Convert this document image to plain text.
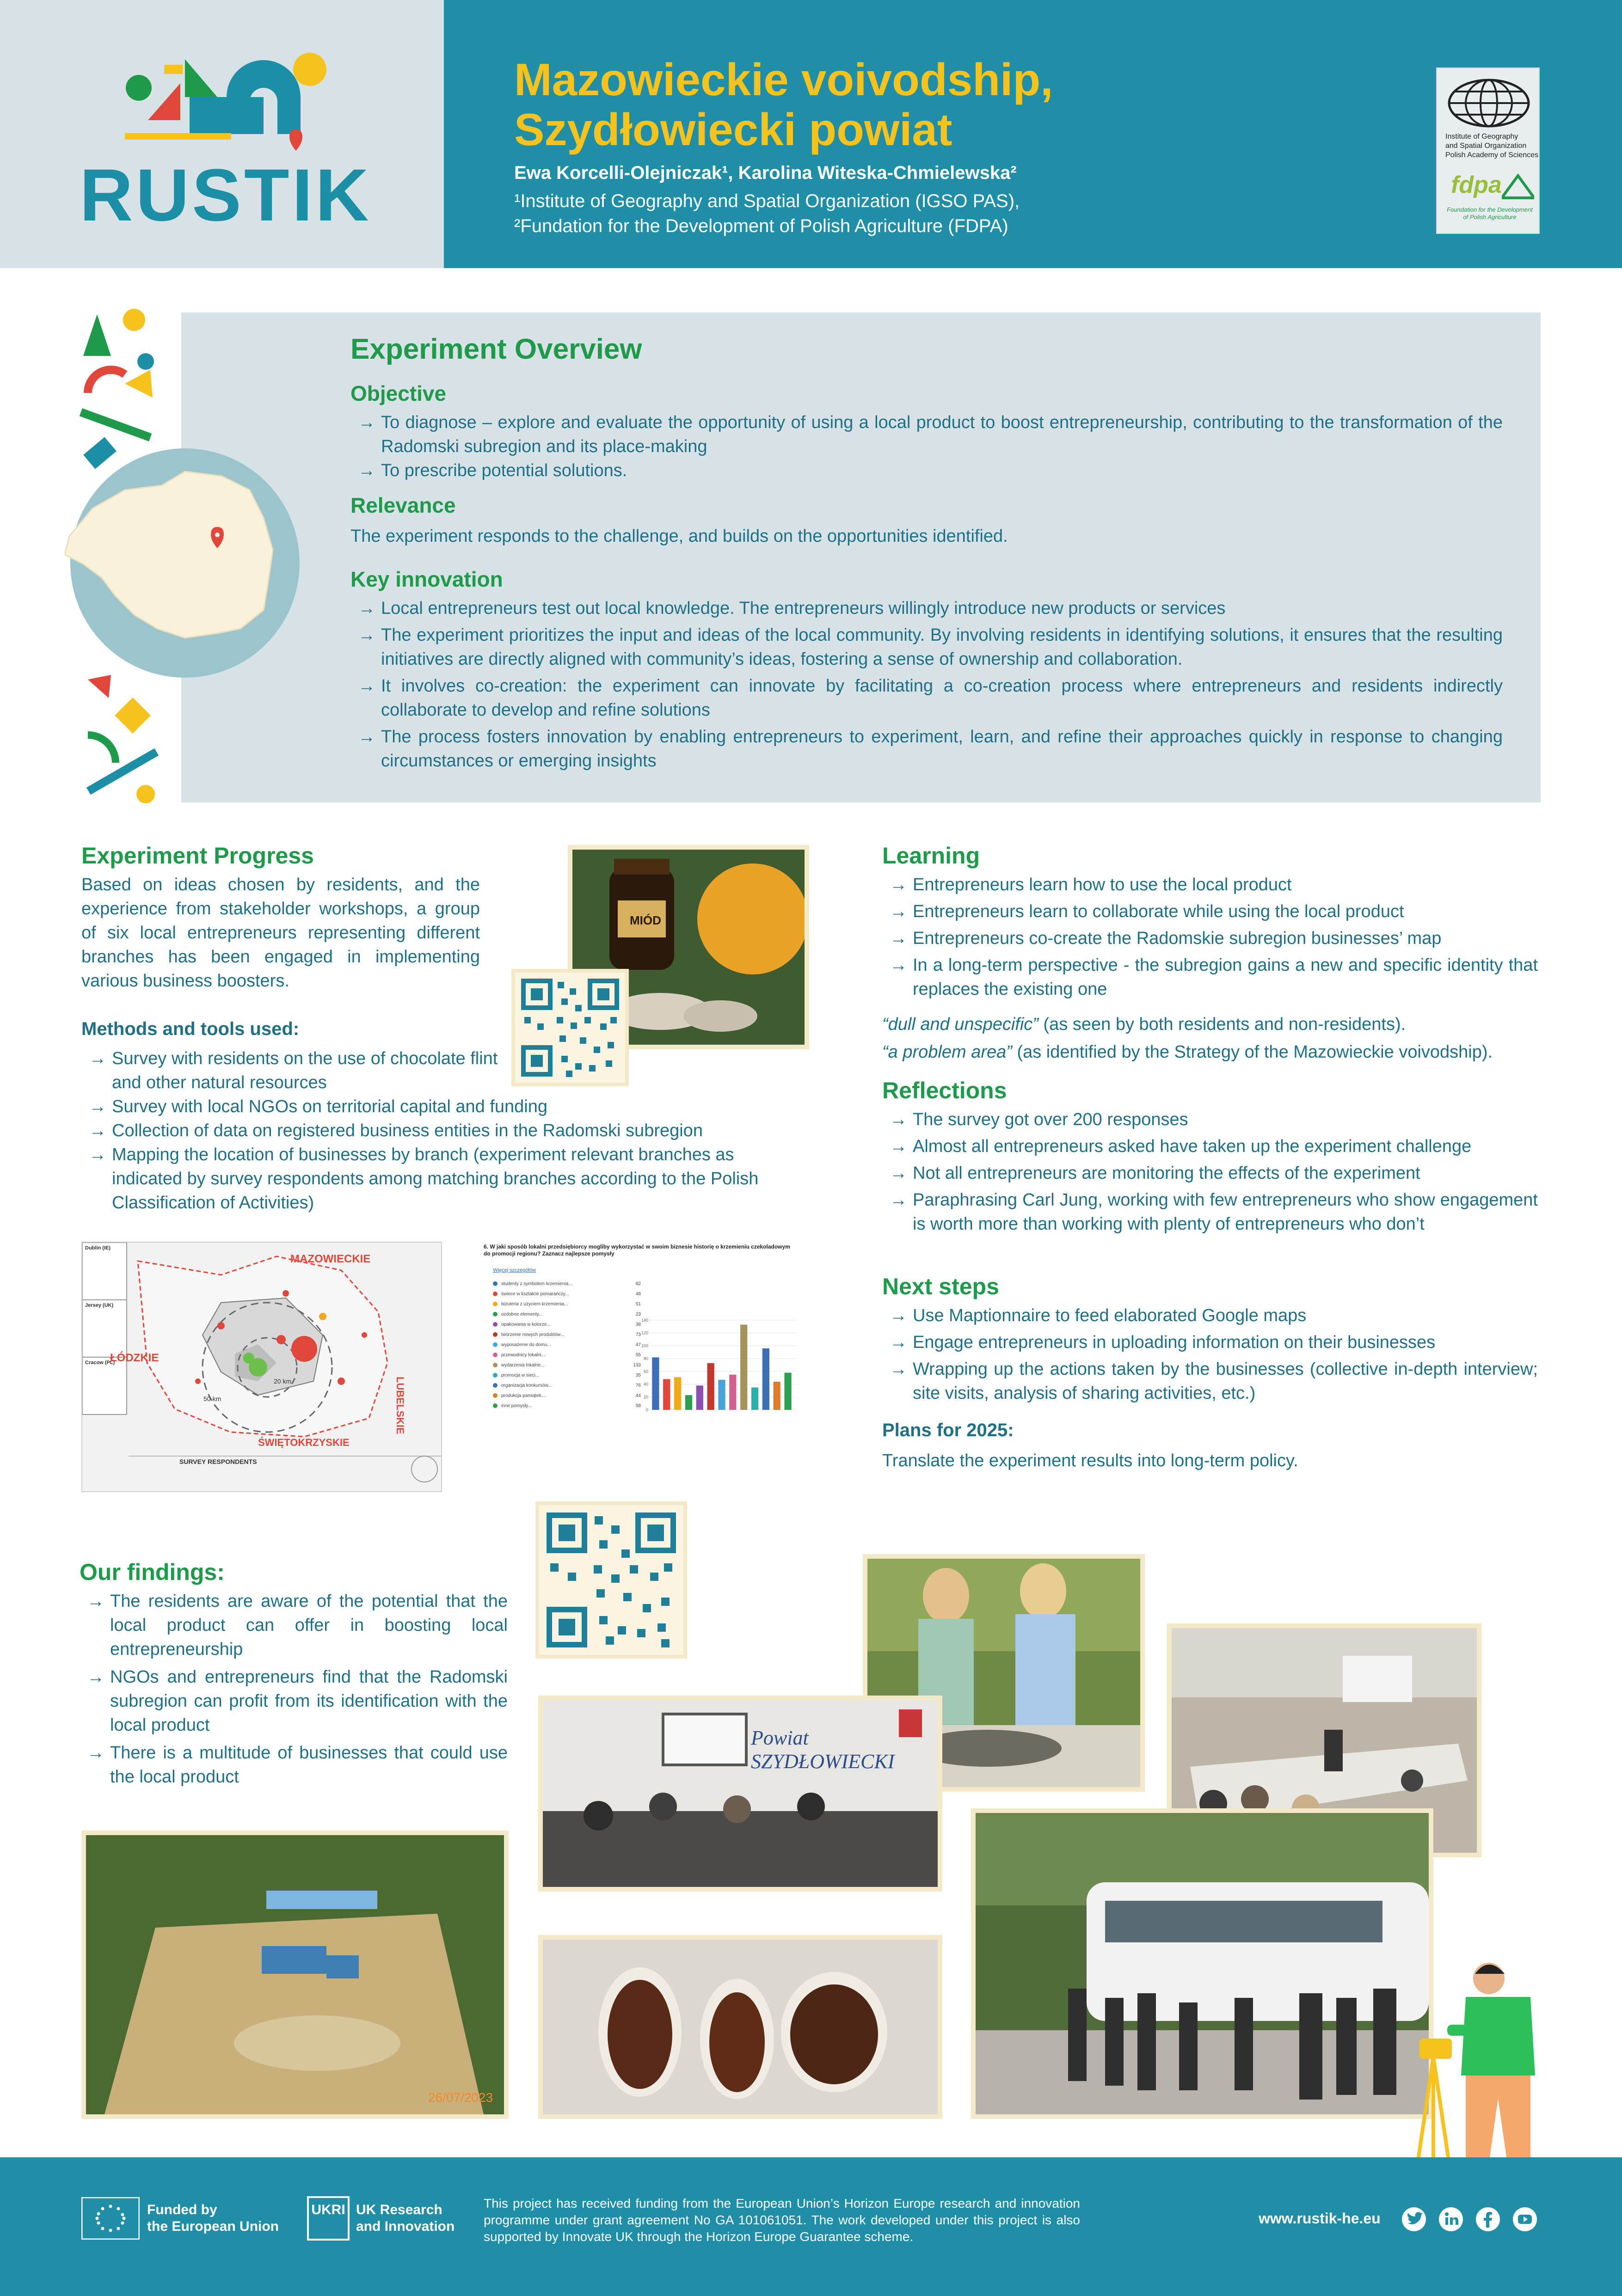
RUSTIK
Mazowieckie voivodship,
Szydłowiecki powiat
Ewa Korcelli-Olejniczak¹, Karolina Witeska-Chmielewska²
¹Institute of Geography and Spatial Organization (IGSO PAS),
²Fundation for the Development of Polish Agriculture (FDPA)
Institute of Geography
and Spatial Organization
Polish Academy of Sciences
fdpa
Foundation for the Development of Polish Agriculture
Experiment Overview
Objective
→ To diagnose – explore and evaluate the opportunity of using a local product to boost entrepreneurship, contributing to the transformation of the Radomski subregion and its place-making
→ To prescribe potential solutions.
Relevance
The experiment responds to the challenge, and builds on the opportunities identified.
Key innovation
→ Local entrepreneurs test out local knowledge. The entrepreneurs willingly introduce new products or services
→ The experiment prioritizes the input and ideas of the local community. By involving residents in identifying solutions, it ensures that the resulting initiatives are directly aligned with community’s ideas, fostering a sense of ownership and collaboration.
→ It involves co-creation: the experiment can innovate by facilitating a co-creation process where entrepreneurs and residents indirectly collaborate to develop and refine solutions
→ The process fosters innovation by enabling entrepreneurs to experiment, learn, and refine their approaches quickly in response to changing circumstances or emerging insights
Experiment Progress
Based on ideas chosen by residents, and the experience from stakeholder workshops, a group of six local entrepreneurs representing different branches has been engaged in implementing various business boosters.
Methods and tools used:
→ Survey with residents on the use of chocolate flint and other natural resources
→ Survey with local NGOs on territorial capital and funding
→ Collection of data on registered business entities in the Radomski subregion
→ Mapping the location of businesses by branch (experiment relevant branches as indicated by survey respondents among matching branches according to the Polish Classification of Activities)
MIÓD
Dublin (IE)
Jersey (UK)
Cracow (PL)
MAZOWIECKIE
ŁÓDZKIE
LUBELSKIE
ŚWIĘTOKRZYSKIE
20 km
50 km
SURVEY RESPONDENTS
6. W jaki sposób lokalni przedsiębiorcy mogliby wykorzystać w swoim biznesie historię o krzemieniu czekoladowym do promocji regionu? Zaznacz najlepsze pomysły
Więcej szczegółów
studenty z symbolem krzemienia...	82
świece w kształcie pomarańczy...	48
biżuteria z użyciem krzemienia...	51
ozdobne elementy...	23
opakowania w kolorze...	38
tworzenie nowych produktów...	73
wyposażenie do domu...	47
przewodnicy lokalni...	55
wydarzenia lokalne...	133
promocja w sieci...	35
organizacja konkursów...	76
produkcja pamiątek...	44
inne pomysły...	58
0
20
40
60
80
100
120
140
Learning
→ Entrepreneurs learn how to use the local product
→ Entrepreneurs learn to collaborate while using the local product
→ Entrepreneurs co-create the Radomskie subregion businesses’ map
→ In a long-term perspective - the subregion gains a new and specific identity that replaces the existing one
“dull and unspecific” (as seen by both residents and non-residents).
“a problem area” (as identified by the Strategy of the Mazowieckie voivodship).
Reflections
→ The survey got over 200 responses
→ Almost all entrepreneurs asked have taken up the experiment challenge
→ Not all entrepreneurs are monitoring the effects of the experiment
→ Paraphrasing Carl Jung, working with few entrepreneurs who show engagement is worth more than working with plenty of entrepreneurs who don’t
Next steps
→ Use Maptionnaire to feed elaborated Google maps
→ Engage entrepreneurs in uploading information on their businesses
→ Wrapping up the actions taken by the businesses (collective in-depth interview; site visits, analysis of sharing activities, etc.)
Plans for 2025:
Translate the experiment results into long-term policy.
Our findings:
→ The residents are aware of the potential that the local product can offer in boosting local entrepreneurship
→ NGOs and entrepreneurs find that the Radomski subregion can profit from its identification with the local product
→ There is a multitude of businesses that could use the local product
Powiat SZYDŁOWIECKI
26/07/2023
Funded by
the European Union
UKRI UK Research
and Innovation
This project has received funding from the European Union’s Horizon Europe research and innovation programme under grant agreement No GA 101061051. The work developed under this project is also supported by Innovate UK through the Horizon Europe Guarantee scheme.
www.rustik-he.eu
